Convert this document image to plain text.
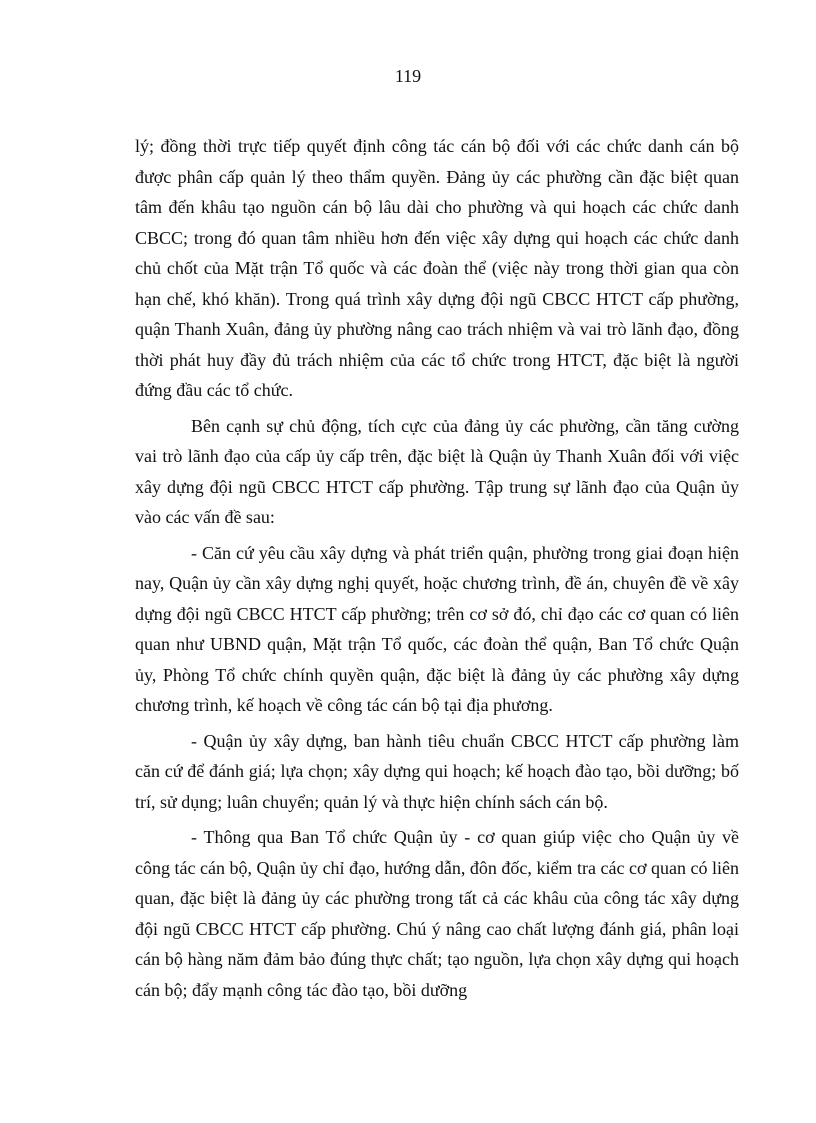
119

lý; đồng thời trực tiếp quyết định công tác cán bộ đối với các chức danh cán bộ được phân cấp quản lý theo thẩm quyền. Đảng ủy các phường cần đặc biệt quan tâm đến khâu tạo nguồn cán bộ lâu dài cho phường và qui hoạch các chức danh CBCC; trong đó quan tâm nhiều hơn đến việc xây dựng qui hoạch các chức danh chủ chốt của Mặt trận Tổ quốc và các đoàn thể (việc này trong thời gian qua còn hạn chế, khó khăn). Trong quá trình xây dựng đội ngũ CBCC HTCT cấp phường, quận Thanh Xuân, đảng ủy phường nâng cao trách nhiệm và vai trò lãnh đạo, đồng thời phát huy đầy đủ trách nhiệm của các tổ chức trong HTCT, đặc biệt là người đứng đầu các tổ chức.

Bên cạnh sự chủ động, tích cực của đảng ủy các phường, cần tăng cường vai trò lãnh đạo của cấp ủy cấp trên, đặc biệt là Quận ủy Thanh Xuân đối với việc xây dựng đội ngũ CBCC HTCT cấp phường. Tập trung sự lãnh đạo của Quận ủy vào các vấn đề sau:

- Căn cứ yêu cầu xây dựng và phát triển quận, phường trong giai đoạn hiện nay, Quận ủy cần xây dựng nghị quyết, hoặc chương trình, đề án, chuyên đề về xây dựng đội ngũ CBCC HTCT cấp phường; trên cơ sở đó, chỉ đạo các cơ quan có liên quan như UBND quận, Mặt trận Tổ quốc, các đoàn thể quận, Ban Tổ chức Quận ủy, Phòng Tổ chức chính quyền quận, đặc biệt là đảng ủy các phường xây dựng chương trình, kế hoạch về công tác cán bộ tại địa phương.

- Quận ủy xây dựng, ban hành tiêu chuẩn CBCC HTCT cấp phường làm căn cứ để đánh giá; lựa chọn; xây dựng qui hoạch; kế hoạch đào tạo, bồi dưỡng; bố trí, sử dụng; luân chuyển; quản lý và thực hiện chính sách cán bộ.

- Thông qua Ban Tổ chức Quận ủy - cơ quan giúp việc cho Quận ủy về công tác cán bộ, Quận ủy chỉ đạo, hướng dẫn, đôn đốc, kiểm tra các cơ quan có liên quan, đặc biệt là đảng ủy các phường trong tất cả các khâu của công tác xây dựng đội ngũ CBCC HTCT cấp phường. Chú ý nâng cao chất lượng đánh giá, phân loại cán bộ hàng năm đảm bảo đúng thực chất; tạo nguồn, lựa chọn xây dựng qui hoạch cán bộ; đẩy mạnh công tác đào tạo, bồi dưỡng
